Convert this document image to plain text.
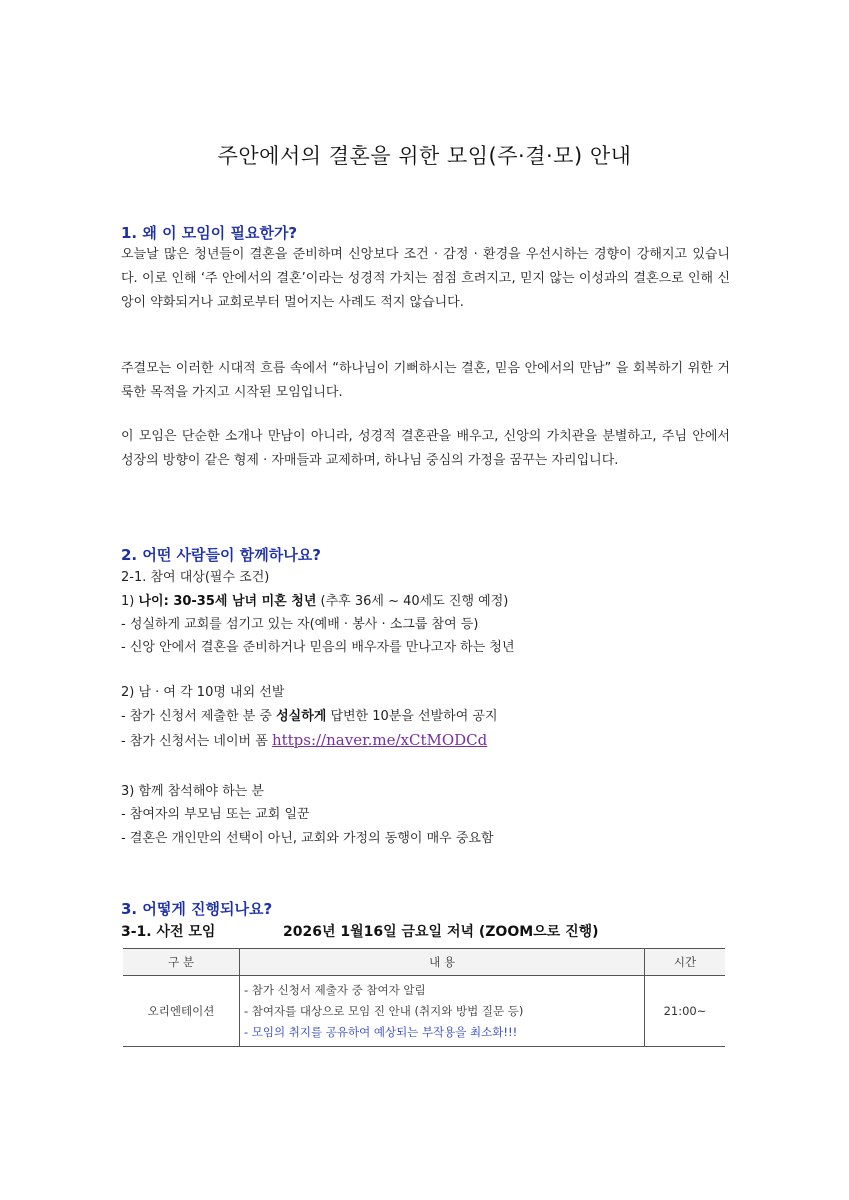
주안에서의 결혼을 위한 모임(주·결·모) 안내
1. 왜 이 모임이 필요한가?
오늘날 많은 청년들이 결혼을 준비하며 신앙보다 조건 · 감정 · 환경을 우선시하는 경향이 강해지고 있습니다. 이로 인해 ‘주 안에서의 결혼’이라는 성경적 가치는 점점 흐려지고, 믿지 않는 이성과의 결혼으로 인해 신앙이 약화되거나 교회로부터 멀어지는 사례도 적지 않습니다.
주결모는 이러한 시대적 흐름 속에서 “하나님이 기뻐하시는 결혼, 믿음 안에서의 만남” 을 회복하기 위한 거룩한 목적을 가지고 시작된 모임입니다.
이 모임은 단순한 소개나 만남이 아니라, 성경적 결혼관을 배우고, 신앙의 가치관을 분별하고, 주님 안에서 성장의 방향이 같은 형제 · 자매들과 교제하며, 하나님 중심의 가정을 꿈꾸는 자리입니다.
2. 어떤 사람들이 함께하나요?
2-1. 참여 대상(필수 조건)
1) 나이: 30-35세 남녀 미혼 청년 (추후 36세 ~ 40세도 진행 예정)
- 성실하게 교회를 섬기고 있는 자(예배 · 봉사 · 소그룹 참여 등)
- 신앙 안에서 결혼을 준비하거나 믿음의 배우자를 만나고자 하는 청년
2) 남 · 여 각 10명 내외 선발
- 참가 신청서 제출한 분 중 성실하게 답변한 10분을 선발하여 공지
- 참가 신청서는 네이버 폼 https://naver.me/xCtMODCd
3) 함께 참석해야 하는 분
- 참여자의 부모님 또는 교회 일꾼
- 결혼은 개인만의 선택이 아닌, 교회와 가정의 동행이 매우 중요함
3. 어떻게 진행되나요?
3-1. 사전 모임	2026년 1월16일 금요일 저녁 (ZOOM으로 진행)
구 분	내 용	시간
오리엔테이션	- 참가 신청서 제출자 중 참여자 알림
- 참여자를 대상으로 모임 진 안내 (취지와 방법 질문 등)
- 모임의 취지를 공유하여 예상되는 부작용을 최소화!!!	21:00~
